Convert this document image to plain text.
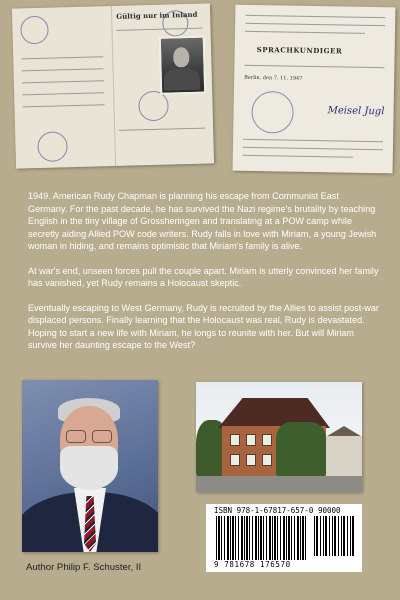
Gültig nur im Inland
SPRACHKUNDIGER
Berlin, den 7. 11. 1947
Meisel Jugl

1949. American Rudy Chapman is planning his escape from Communist East Germany. For the past decade, he has survived the Nazi regime's brutality by teaching English in the tiny village of Grossheringen and translating at a POW camp while secretly aiding Allied POW code writers. Rudy falls in love with Miriam, a young Jewish woman in hiding, and remains optimistic that Miriam's family is alive.

At war's end, unseen forces pull the couple apart. Miriam is utterly convinced her family has vanished, yet Rudy remains a Holocaust skeptic.

Eventually escaping to West Germany, Rudy is recruited by the Allies to assist post-war displaced persons. Finally learning that the Holocaust was real, Rudy is devastated. Hoping to start a new life with Miriam, he longs to reunite with her. But will Miriam survive her daunting escape to the West?

Author Philip F. Schuster, II
ISBN 978-1-67817-657-0 90000
9 781678 176570
